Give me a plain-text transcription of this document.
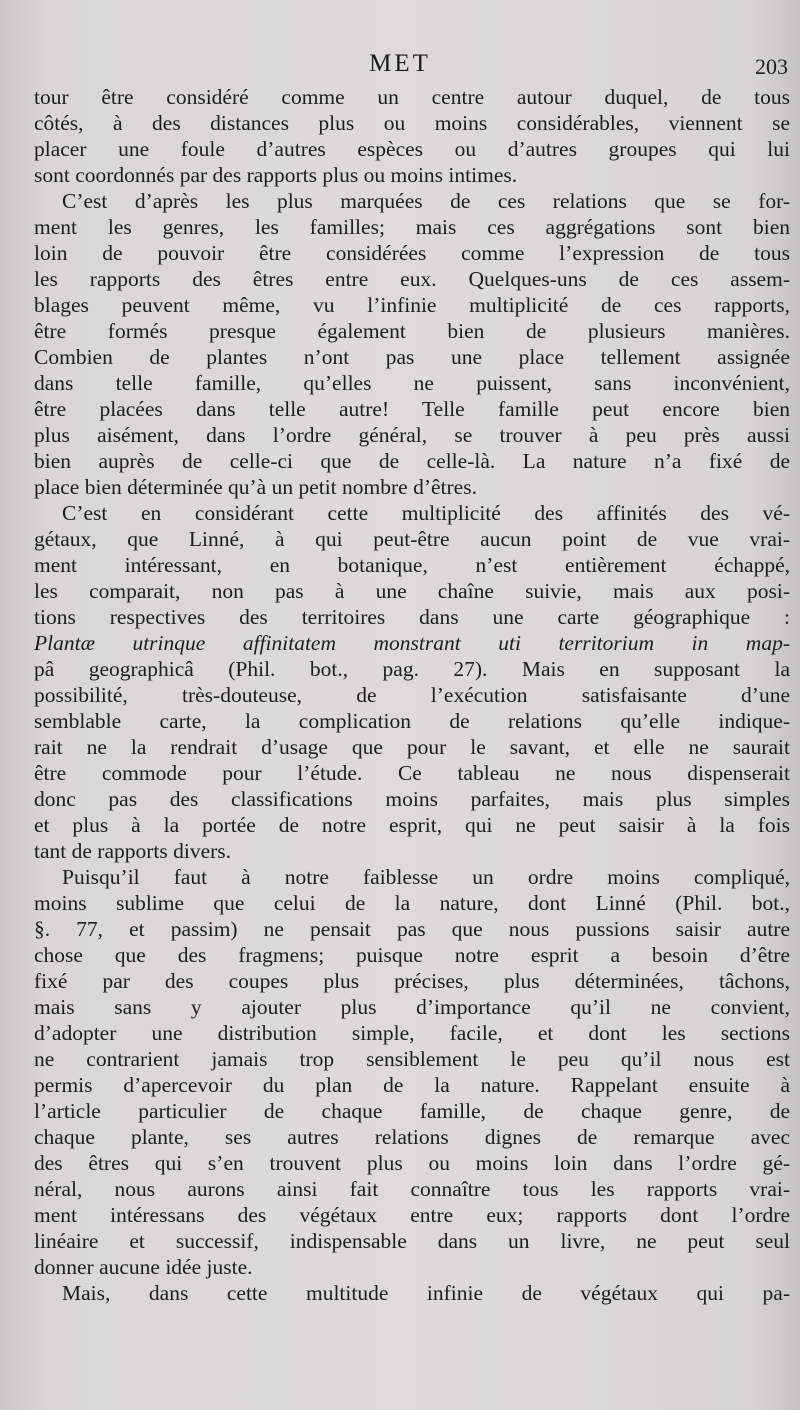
MET	203
tour être considéré comme un centre autour duquel, de tous
côtés, à des distances plus ou moins considérables, viennent se
placer une foule d’autres espèces ou d’autres groupes qui lui
sont coordonnés par des rapports plus ou moins intimes.
C’est d’après les plus marquées de ces relations que se for-
ment les genres, les familles; mais ces aggrégations sont bien
loin de pouvoir être considérées comme l’expression de tous
les rapports des êtres entre eux. Quelques-uns de ces assem-
blages peuvent même, vu l’infinie multiplicité de ces rapports,
être formés presque également bien de plusieurs manières.
Combien de plantes n’ont pas une place tellement assignée
dans telle famille, qu’elles ne puissent, sans inconvénient,
être placées dans telle autre! Telle famille peut encore bien
plus aisément, dans l’ordre général, se trouver à peu près aussi
bien auprès de celle-ci que de celle-là. La nature n’a fixé de
place bien déterminée qu’à un petit nombre d’êtres.
C’est en considérant cette multiplicité des affinités des vé-
gétaux, que Linné, à qui peut-être aucun point de vue vrai-
ment intéressant, en botanique, n’est entièrement échappé,
les comparait, non pas à une chaîne suivie, mais aux posi-
tions respectives des territoires dans une carte géographique :
Plantæ utrinque affinitatem monstrant uti territorium in map-
pâ geographicâ (Phil. bot., pag. 27). Mais en supposant la
possibilité, très-douteuse, de l’exécution satisfaisante d’une
semblable carte, la complication de relations qu’elle indique-
rait ne la rendrait d’usage que pour le savant, et elle ne saurait
être commode pour l’étude. Ce tableau ne nous dispenserait
donc pas des classifications moins parfaites, mais plus simples
et plus à la portée de notre esprit, qui ne peut saisir à la fois
tant de rapports divers.
Puisqu’il faut à notre faiblesse un ordre moins compliqué,
moins sublime que celui de la nature, dont Linné (Phil. bot.,
§. 77, et passim) ne pensait pas que nous pussions saisir autre
chose que des fragmens; puisque notre esprit a besoin d’être
fixé par des coupes plus précises, plus déterminées, tâchons,
mais sans y ajouter plus d’importance qu’il ne convient,
d’adopter une distribution simple, facile, et dont les sections
ne contrarient jamais trop sensiblement le peu qu’il nous est
permis d’apercevoir du plan de la nature. Rappelant ensuite à
l’article particulier de chaque famille, de chaque genre, de
chaque plante, ses autres relations dignes de remarque avec
des êtres qui s’en trouvent plus ou moins loin dans l’ordre gé-
néral, nous aurons ainsi fait connaître tous les rapports vrai-
ment intéressans des végétaux entre eux; rapports dont l’ordre
linéaire et successif, indispensable dans un livre, ne peut seul
donner aucune idée juste.
Mais, dans cette multitude infinie de végétaux qui pa-
